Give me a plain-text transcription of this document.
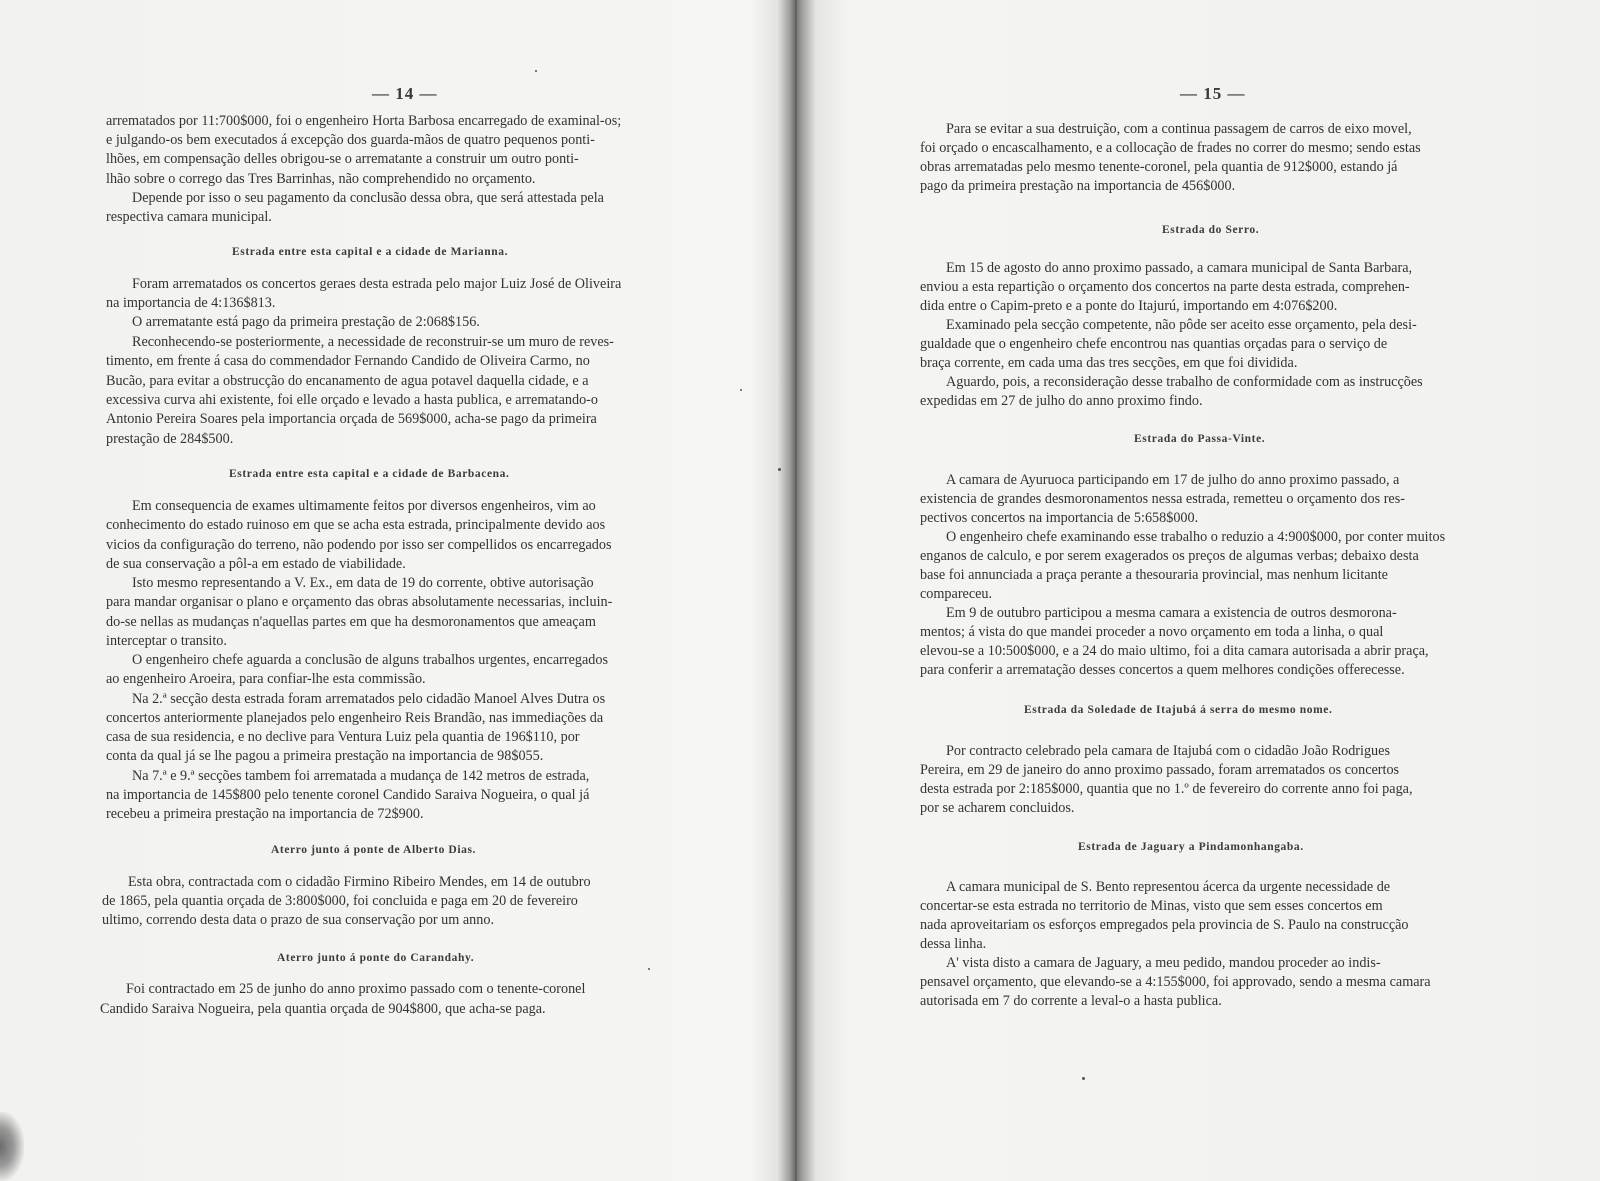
— 14 —
arrematados por 11:700$000, foi o engenheiro Horta Barbosa encarregado de examinal-os;
e julgando-os bem executados á excepção dos guarda-mãos de quatro pequenos ponti-
lhões, em compensação delles obrigou-se o arrematante a construir um outro ponti-
lhão sobre o corrego das Tres Barrinhas, não comprehendido no orçamento.
Depende por isso o seu pagamento da conclusão dessa obra, que será attestada pela
respectiva camara municipal.
Estrada entre esta capital e a cidade de Marianna.
Foram arrematados os concertos geraes desta estrada pelo major Luiz José de Oliveira
na importancia de 4:136$813.
O arrematante está pago da primeira prestação de 2:068$156.
Reconhecendo-se posteriormente, a necessidade de reconstruir-se um muro de reves-
timento, em frente á casa do commendador Fernando Candido de Oliveira Carmo, no
Bucão, para evitar a obstrucção do encanamento de agua potavel daquella cidade, e a
excessiva curva ahi existente, foi elle orçado e levado a hasta publica, e arrematando-o
Antonio Pereira Soares pela importancia orçada de 569$000, acha-se pago da primeira
prestação de 284$500.
Estrada entre esta capital e a cidade de Barbacena.
Em consequencia de exames ultimamente feitos por diversos engenheiros, vim ao
conhecimento do estado ruinoso em que se acha esta estrada, principalmente devido aos
vicios da configuração do terreno, não podendo por isso ser compellidos os encarregados
de sua conservação a pôl-a em estado de viabilidade.
Isto mesmo representando a V. Ex., em data de 19 do corrente, obtive autorisação
para mandar organisar o plano e orçamento das obras absolutamente necessarias, incluin-
do-se nellas as mudanças n'aquellas partes em que ha desmoronamentos que ameaçam
interceptar o transito.
O engenheiro chefe aguarda a conclusão de alguns trabalhos urgentes, encarregados
ao engenheiro Aroeira, para confiar-lhe esta commissão.
Na 2.ª secção desta estrada foram arrematados pelo cidadão Manoel Alves Dutra os
concertos anteriormente planejados pelo engenheiro Reis Brandão, nas immediações da
casa de sua residencia, e no declive para Ventura Luiz pela quantia de 196$110, por
conta da qual já se lhe pagou a primeira prestação na importancia de 98$055.
Na 7.ª e 9.ª secções tambem foi arrematada a mudança de 142 metros de estrada,
na importancia de 145$800 pelo tenente coronel Candido Saraiva Nogueira, o qual já
recebeu a primeira prestação na importancia de 72$900.
Aterro junto á ponte de Alberto Dias.
Esta obra, contractada com o cidadão Firmino Ribeiro Mendes, em 14 de outubro
de 1865, pela quantia orçada de 3:800$000, foi concluida e paga em 20 de fevereiro
ultimo, correndo desta data o prazo de sua conservação por um anno.
Aterro junto á ponte do Carandahy.
Foi contractado em 25 de junho do anno proximo passado com o tenente-coronel
Candido Saraiva Nogueira, pela quantia orçada de 904$800, que acha-se paga.
— 15 —
Para se evitar a sua destruição, com a continua passagem de carros de eixo movel,
foi orçado o encascalhamento, e a collocação de frades no correr do mesmo; sendo estas
obras arrematadas pelo mesmo tenente-coronel, pela quantia de 912$000, estando já
pago da primeira prestação na importancia de 456$000.
Estrada do Serro.
Em 15 de agosto do anno proximo passado, a camara municipal de Santa Barbara,
enviou a esta repartição o orçamento dos concertos na parte desta estrada, comprehen-
dida entre o Capim-preto e a ponte do Itajurú, importando em 4:076$200.
Examinado pela secção competente, não pôde ser aceito esse orçamento, pela desi-
gualdade que o engenheiro chefe encontrou nas quantias orçadas para o serviço de
braça corrente, em cada uma das tres secções, em que foi dividida.
Aguardo, pois, a reconsideração desse trabalho de conformidade com as instrucções
expedidas em 27 de julho do anno proximo findo.
Estrada do Passa-Vinte.
A camara de Ayuruoca participando em 17 de julho do anno proximo passado, a
existencia de grandes desmoronamentos nessa estrada, remetteu o orçamento dos res-
pectivos concertos na importancia de 5:658$000.
O engenheiro chefe examinando esse trabalho o reduzio a 4:900$000, por conter muitos
enganos de calculo, e por serem exagerados os preços de algumas verbas; debaixo desta
base foi annunciada a praça perante a thesouraria provincial, mas nenhum licitante
compareceu.
Em 9 de outubro participou a mesma camara a existencia de outros desmorona-
mentos; á vista do que mandei proceder a novo orçamento em toda a linha, o qual
elevou-se a 10:500$000, e a 24 do maio ultimo, foi a dita camara autorisada a abrir praça,
para conferir a arrematação desses concertos a quem melhores condições offerecesse.
Estrada da Soledade de Itajubá á serra do mesmo nome.
Por contracto celebrado pela camara de Itajubá com o cidadão João Rodrigues
Pereira, em 29 de janeiro do anno proximo passado, foram arrematados os concertos
desta estrada por 2:185$000, quantia que no 1.º de fevereiro do corrente anno foi paga,
por se acharem concluidos.
Estrada de Jaguary a Pindamonhangaba.
A camara municipal de S. Bento representou ácerca da urgente necessidade de
concertar-se esta estrada no territorio de Minas, visto que sem esses concertos em
nada aproveitariam os esforços empregados pela provincia de S. Paulo na construcção
dessa linha.
A' vista disto a camara de Jaguary, a meu pedido, mandou proceder ao indis-
pensavel orçamento, que elevando-se a 4:155$000, foi approvado, sendo a mesma camara
autorisada em 7 do corrente a leval-o a hasta publica.
